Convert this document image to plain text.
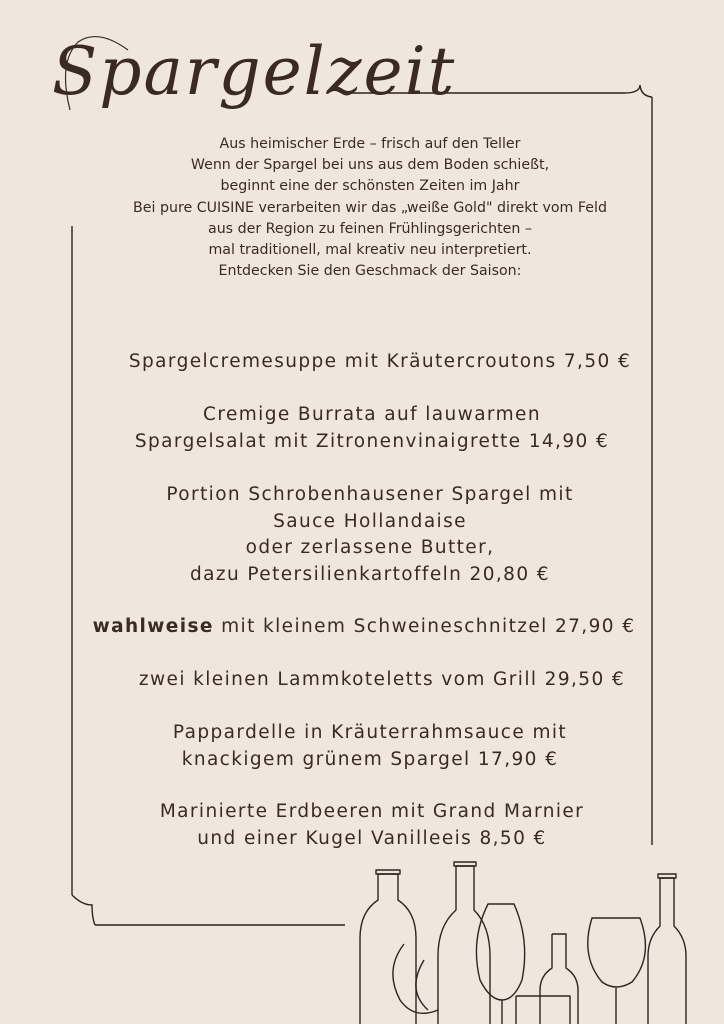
Spargelzeit
Aus heimischer Erde – frisch auf den Teller
Wenn der Spargel bei uns aus dem Boden schießt,
beginnt eine der schönsten Zeiten im Jahr
Bei pure CUISINE verarbeiten wir das „weiße Gold" direkt vom Feld
aus der Region zu feinen Frühlingsgerichten –
mal traditionell, mal kreativ neu interpretiert.
Entdecken Sie den Geschmack der Saison:
Spargelcremesuppe mit Kräutercroutons 7,50 €
Cremige Burrata auf lauwarmen
Spargelsalat mit Zitronenvinaigrette 14,90 €
Portion Schrobenhausener Spargel mit
Sauce Hollandaise
oder zerlassene Butter,
dazu Petersilienkartoffeln 20,80 €
wahlweise mit kleinem Schweineschnitzel 27,90 €
zwei kleinen Lammkoteletts vom Grill 29,50 €
Pappardelle in Kräuterrahmsauce mit
knackigem grünem Spargel 17,90 €
Marinierte Erdbeeren mit Grand Marnier
und einer Kugel Vanilleeis 8,50 €
